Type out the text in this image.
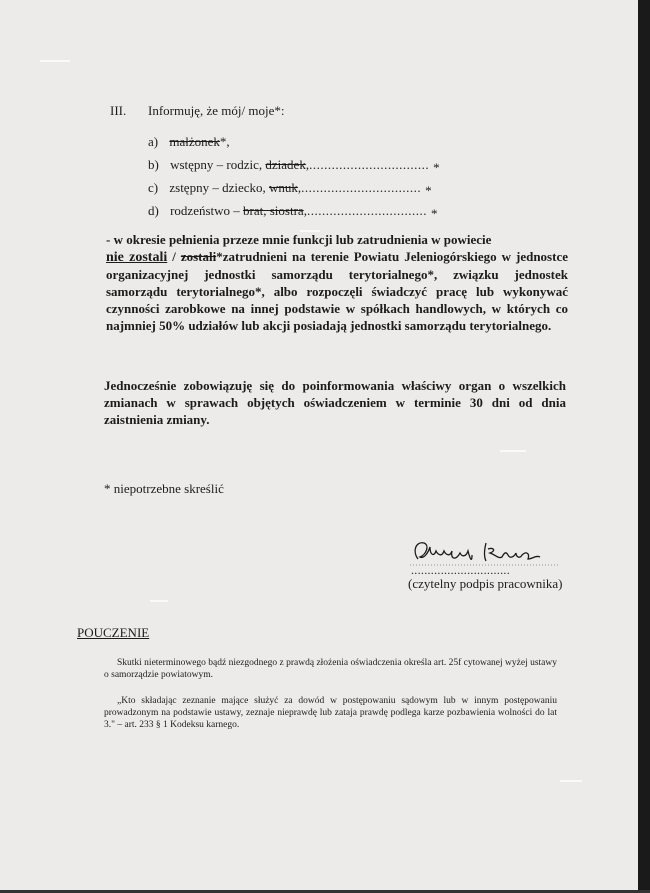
III. Informuję, że mój/ moje*:
a) małżonek*,
b) wstępny – rodzic, dziadek,................................ *
c) zstępny – dziecko, wnuk,................................ *
d) rodzeństwo – brat, siostra,................................ *
- w okresie pełnienia przeze mnie funkcji lub zatrudnienia w powiecie
nie zostali / zostali*zatrudnieni na terenie Powiatu Jeleniogórskiego w jednostce organizacyjnej jednostki samorządu terytorialnego*, związku jednostek samorządu terytorialnego*, albo rozpoczęli świadczyć pracę lub wykonywać czynności zarobkowe na innej podstawie w spółkach handlowych, w których co najmniej 50% udziałów lub akcji posiadają jednostki samorządu terytorialnego.
Jednocześnie zobowiązuję się do poinformowania właściwy organ o wszelkich zmianach w sprawach objętych oświadczeniem w terminie 30 dni od dnia zaistnienia zmiany.
* niepotrzebne skreślić
..............................
(czytelny podpis pracownika)
POUCZENIE
Skutki nieterminowego bądź niezgodnego z prawdą złożenia oświadczenia określa art. 25f cytowanej wyżej ustawy o samorządzie powiatowym.
„Kto składając zeznanie mające służyć za dowód w postępowaniu sądowym lub w innym postępowaniu prowadzonym na podstawie ustawy, zeznaje nieprawdę lub zataja prawdę podlega karze pozbawienia wolności do lat 3." – art. 233 § 1 Kodeksu karnego.
